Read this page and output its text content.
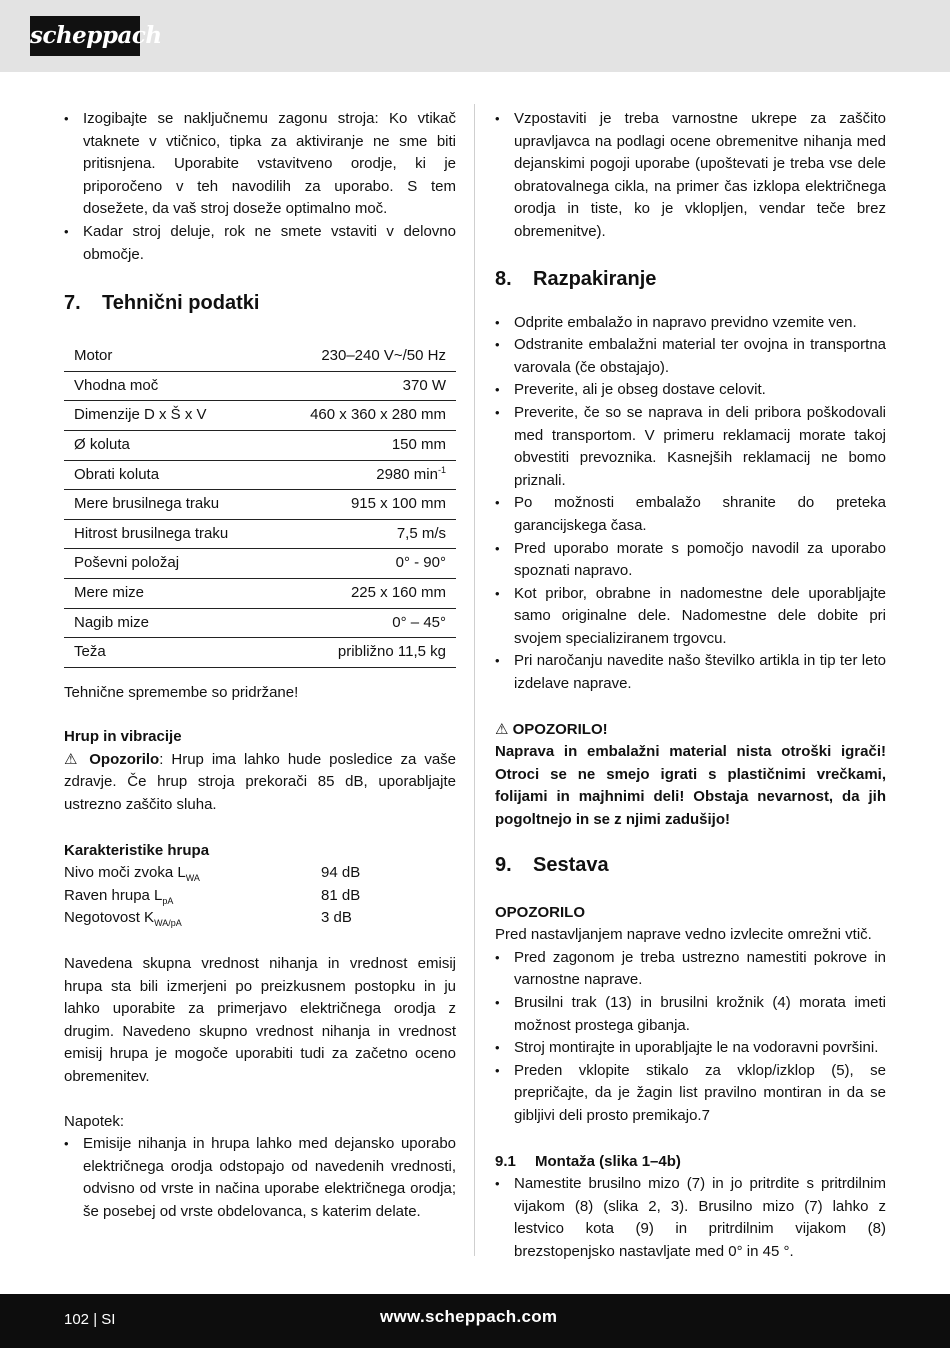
scheppach
• Izogibajte se naključnemu zagonu stroja: Ko vtikač vtaknete v vtičnico, tipka za aktiviranje ne sme biti pritisnjena. Uporabite vstavitveno orodje, ki je priporočeno v teh navodilih za uporabo. S tem dosežete, da vaš stroj doseže optimalno moč.
• Kadar stroj deluje, rok ne smete vstaviti v delovno območje.
7. Tehnični podatki
Motor	230–240 V~/50 Hz
Vhodna moč	370 W
Dimenzije D x Š x V	460 x 360 x 280 mm
Ø koluta	150 mm
Obrati koluta	2980 $\min^{-1}$
Mere brusilnega traku	915 x 100 mm
Hitrost brusilnega traku	7,5 m/s
Poševni položaj	0° - 90°
Mere mize	225 x 160 mm
Nagib mize	0° – 45°
Teža	približno 11,5 kg

Tehnične spremembe so pridržane!

Hrup in vibracije

⚠ Opozorilo: Hrup ima lahko hude posledice za vaše zdravje. Če hrup stroja prekorači 85 dB, uporabljajte ustrezno zaščito sluha.

Karakteristike hrupa

Nivo moči zvoka $L_{WA}$	94 dB
Raven hrupa $L_{pA}$	81 dB
Negotovost $K_{WA/pA}$	3 dB

Navedena skupna vrednost nihanja in vrednost emisij hrupa sta bili izmerjeni po preizkusnem postopku in ju lahko uporabite za primerjavo električnega orodja z drugim. Navedeno skupno vrednost nihanja in vrednost emisij hrupa je mogoče uporabiti tudi za začetno oceno obremenitev.

Napotek:

• Emisije nihanja in hrupa lahko med dejansko uporabo električnega orodja odstopajo od navedenih vrednosti, odvisno od vrste in načina uporabe električnega orodja; še posebej od vrste obdelovanca, s katerim delate.
• Vzpostaviti je treba varnostne ukrepe za zaščito upravljavca na podlagi ocene obremenitve nihanja med dejanskimi pogoji uporabe (upoštevati je treba vse dele obratovalnega cikla, na primer čas izklopa električnega orodja in tiste, ko je vklopljen, vendar teče brez obremenitve).
8. Razpakiranje
• Odprite embalažo in napravo previdno vzemite ven.
• Odstranite embalažni material ter ovojna in transportna varovala (če obstajajo).
• Preverite, ali je obseg dostave celovit.
• Preverite, če so se naprava in deli pribora poškodovali med transportom. V primeru reklamacij morate takoj obvestiti prevoznika. Kasnejših reklamacij ne bomo priznali.
• Po možnosti embalažo shranite do preteka garancijskega časa.
• Pred uporabo morate s pomočjo navodil za uporabo spoznati napravo.
• Kot pribor, obrabne in nadomestne dele uporabljajte samo originalne dele. Nadomestne dele dobite pri svojem specializiranem trgovcu.
• Pri naročanju navedite našo številko artikla in tip ter leto izdelave naprave.

⚠ OPOZORILO!

Naprava in embalažni material nista otroški igrači! Otroci se ne smejo igrati s plastičnimi vrečkami, folijami in majhnimi deli! Obstaja nevarnost, da jih pogoltnejo in se z njimi zadušijo!

9. Sestava

OPOZORILO

Pred nastavljanjem naprave vedno izvlecite omrežni vtič.

• Pred zagonom je treba ustrezno namestiti pokrove in varnostne naprave.
• Brusilni trak (13) in brusilni krožnik (4) morata imeti možnost prostega gibanja.
• Stroj montirajte in uporabljajte le na vodoravni površini.
• Preden vklopite stikalo za vklop/izklop (5), se prepričajte, da je žagin list pravilno montiran in da se gibljivi deli prosto premikajo.7

9.1 Montaža (slika 1–4b)

• Namestite brusilno mizo (7) in jo pritrdite s pritrdilnim vijakom (8) (slika 2, 3). Brusilno mizo (7) lahko z lestvico kota (9) in pritrdilnim vijakom (8) brezstopenjsko nastavljate med 0° in 45 °.
102 | SI	www.scheppach.com
